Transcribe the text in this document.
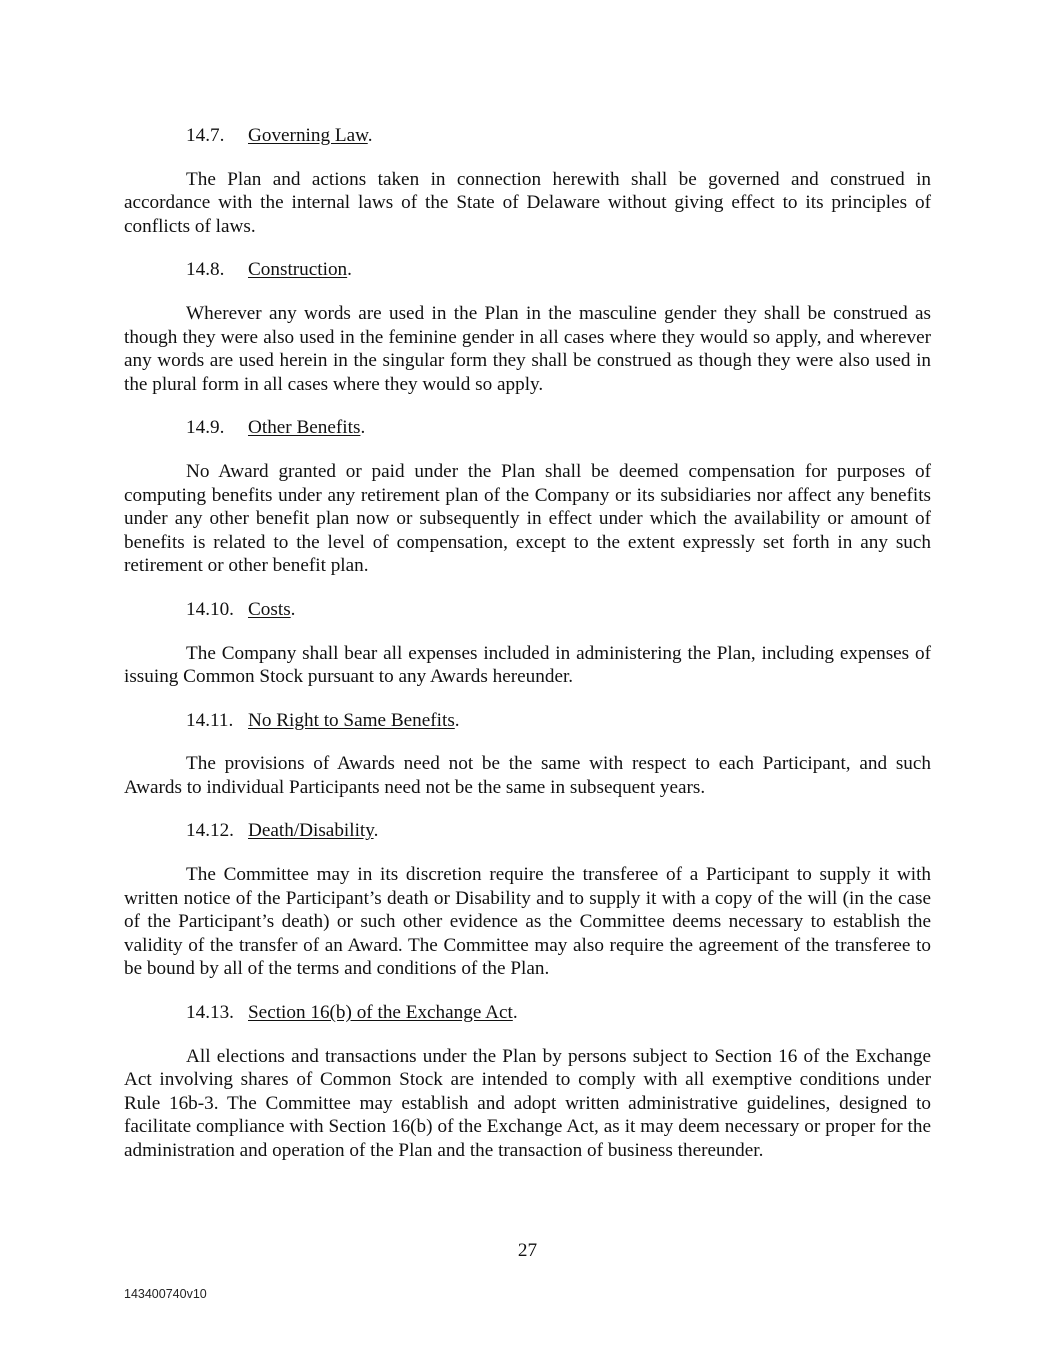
14.7. Governing Law.

The Plan and actions taken in connection herewith shall be governed and construed in accordance with the internal laws of the State of Delaware without giving effect to its principles of conflicts of laws.

14.8. Construction.

Wherever any words are used in the Plan in the masculine gender they shall be construed as though they were also used in the feminine gender in all cases where they would so apply, and wherever any words are used herein in the singular form they shall be construed as though they were also used in the plural form in all cases where they would so apply.

14.9. Other Benefits.

No Award granted or paid under the Plan shall be deemed compensation for purposes of computing benefits under any retirement plan of the Company or its subsidiaries nor affect any benefits under any other benefit plan now or subsequently in effect under which the availability or amount of benefits is related to the level of compensation, except to the extent expressly set forth in any such retirement or other benefit plan.

14.10. Costs.

The Company shall bear all expenses included in administering the Plan, including expenses of issuing Common Stock pursuant to any Awards hereunder.

14.11. No Right to Same Benefits.

The provisions of Awards need not be the same with respect to each Participant, and such Awards to individual Participants need not be the same in subsequent years.

14.12. Death/Disability.

The Committee may in its discretion require the transferee of a Participant to supply it with written notice of the Participant’s death or Disability and to supply it with a copy of the will (in the case of the Participant’s death) or such other evidence as the Committee deems necessary to establish the validity of the transfer of an Award. The Committee may also require the agreement of the transferee to be bound by all of the terms and conditions of the Plan.

14.13. Section 16(b) of the Exchange Act.

All elections and transactions under the Plan by persons subject to Section 16 of the Exchange Act involving shares of Common Stock are intended to comply with all exemptive conditions under Rule 16b-3. The Committee may establish and adopt written administrative guidelines, designed to facilitate compliance with Section 16(b) of the Exchange Act, as it may deem necessary or proper for the administration and operation of the Plan and the transaction of business thereunder.

27
143400740v10
